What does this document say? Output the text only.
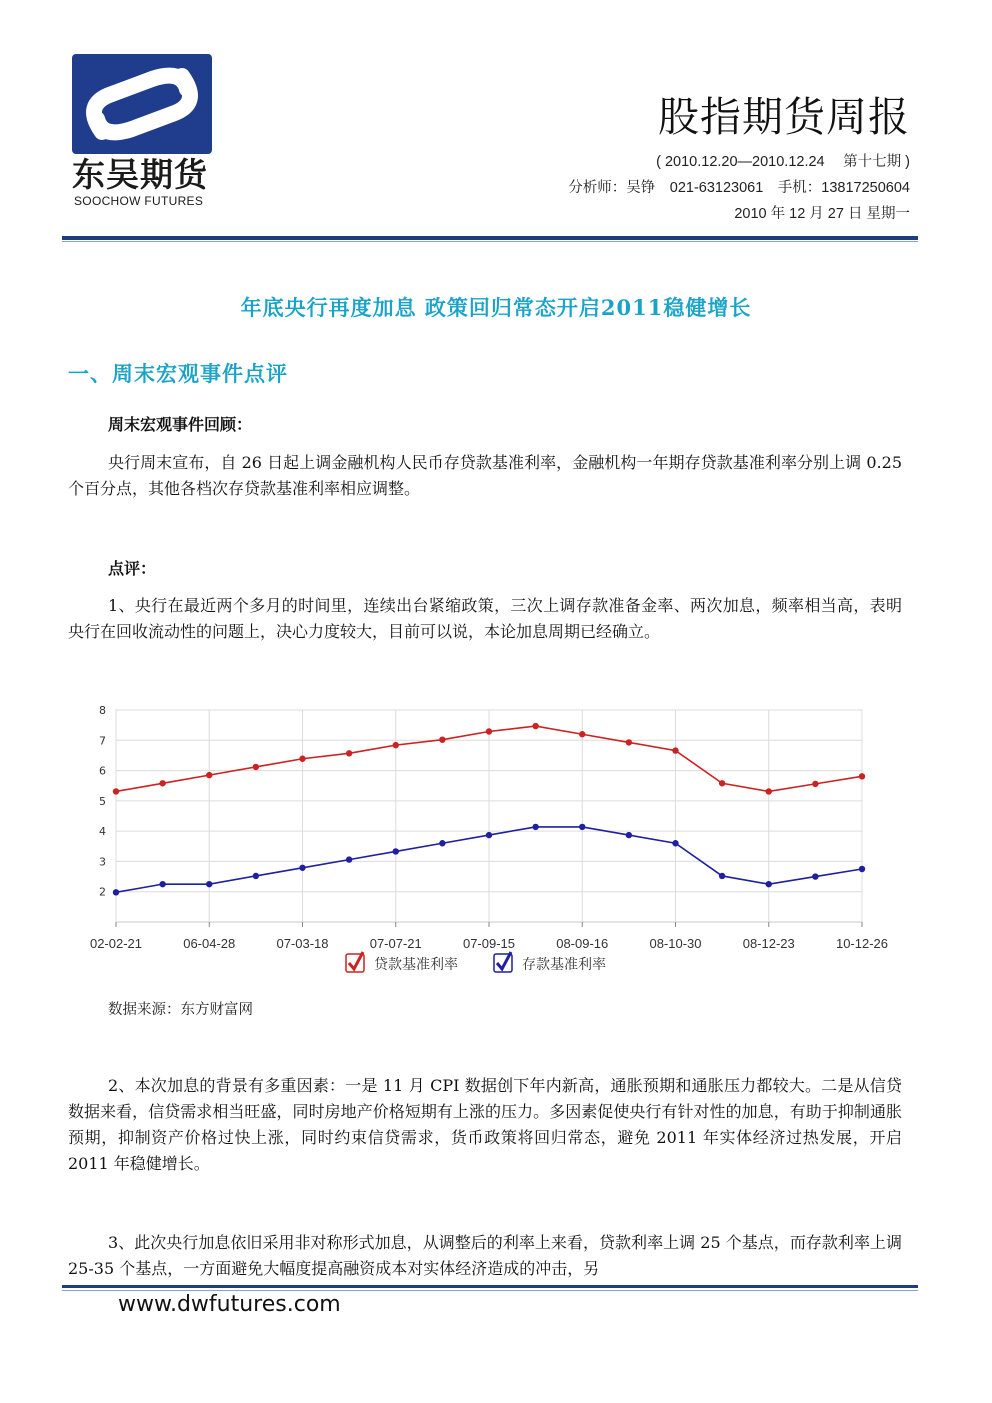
东吴期货
SOOCHOW FUTURES
股指期货周报
( 2010.12.20—2010.12.24　 第十七期 )
分析师：吴铮　021-63123061　手机：13817250604
2010 年 12 月 27 日 星期一
年底央行再度加息 政策回归常态开启2011稳健增长
一、周末宏观事件点评
周末宏观事件回顾：
央行周末宣布，自 26 日起上调金融机构人民币存贷款基准利率，金融机构一年期存贷款基准利率分别上调 0.25 个百分点，其他各档次存贷款基准利率相应调整。
点评：
1、央行在最近两个多月的时间里，连续出台紧缩政策，三次上调存款准备金率、两次加息，频率相当高，表明央行在回收流动性的问题上，决心力度较大，目前可以说，本论加息周期已经确立。
2
3
4
5
6
7
8
02-02-21	06-04-28	07-03-18	07-07-21	07-09-15	08-09-16	08-10-30	08-12-23	10-12-26
贷款基准利率	存款基准利率
数据来源：东方财富网
2、本次加息的背景有多重因素：一是 11 月 CPI 数据创下年内新高，通胀预期和通胀压力都较大。二是从信贷数据来看，信贷需求相当旺盛，同时房地产价格短期有上涨的压力。多因素促使央行有针对性的加息，有助于抑制通胀预期，抑制资产价格过快上涨，同时约束信贷需求，货币政策将回归常态，避免 2011 年实体经济过热发展，开启 2011 年稳健增长。
3、此次央行加息依旧采用非对称形式加息，从调整后的利率上来看，贷款利率上调 25 个基点，而存款利率上调 25-35 个基点，一方面避免大幅度提高融资成本对实体经济造成的冲击，另
www.dwfutures.com
